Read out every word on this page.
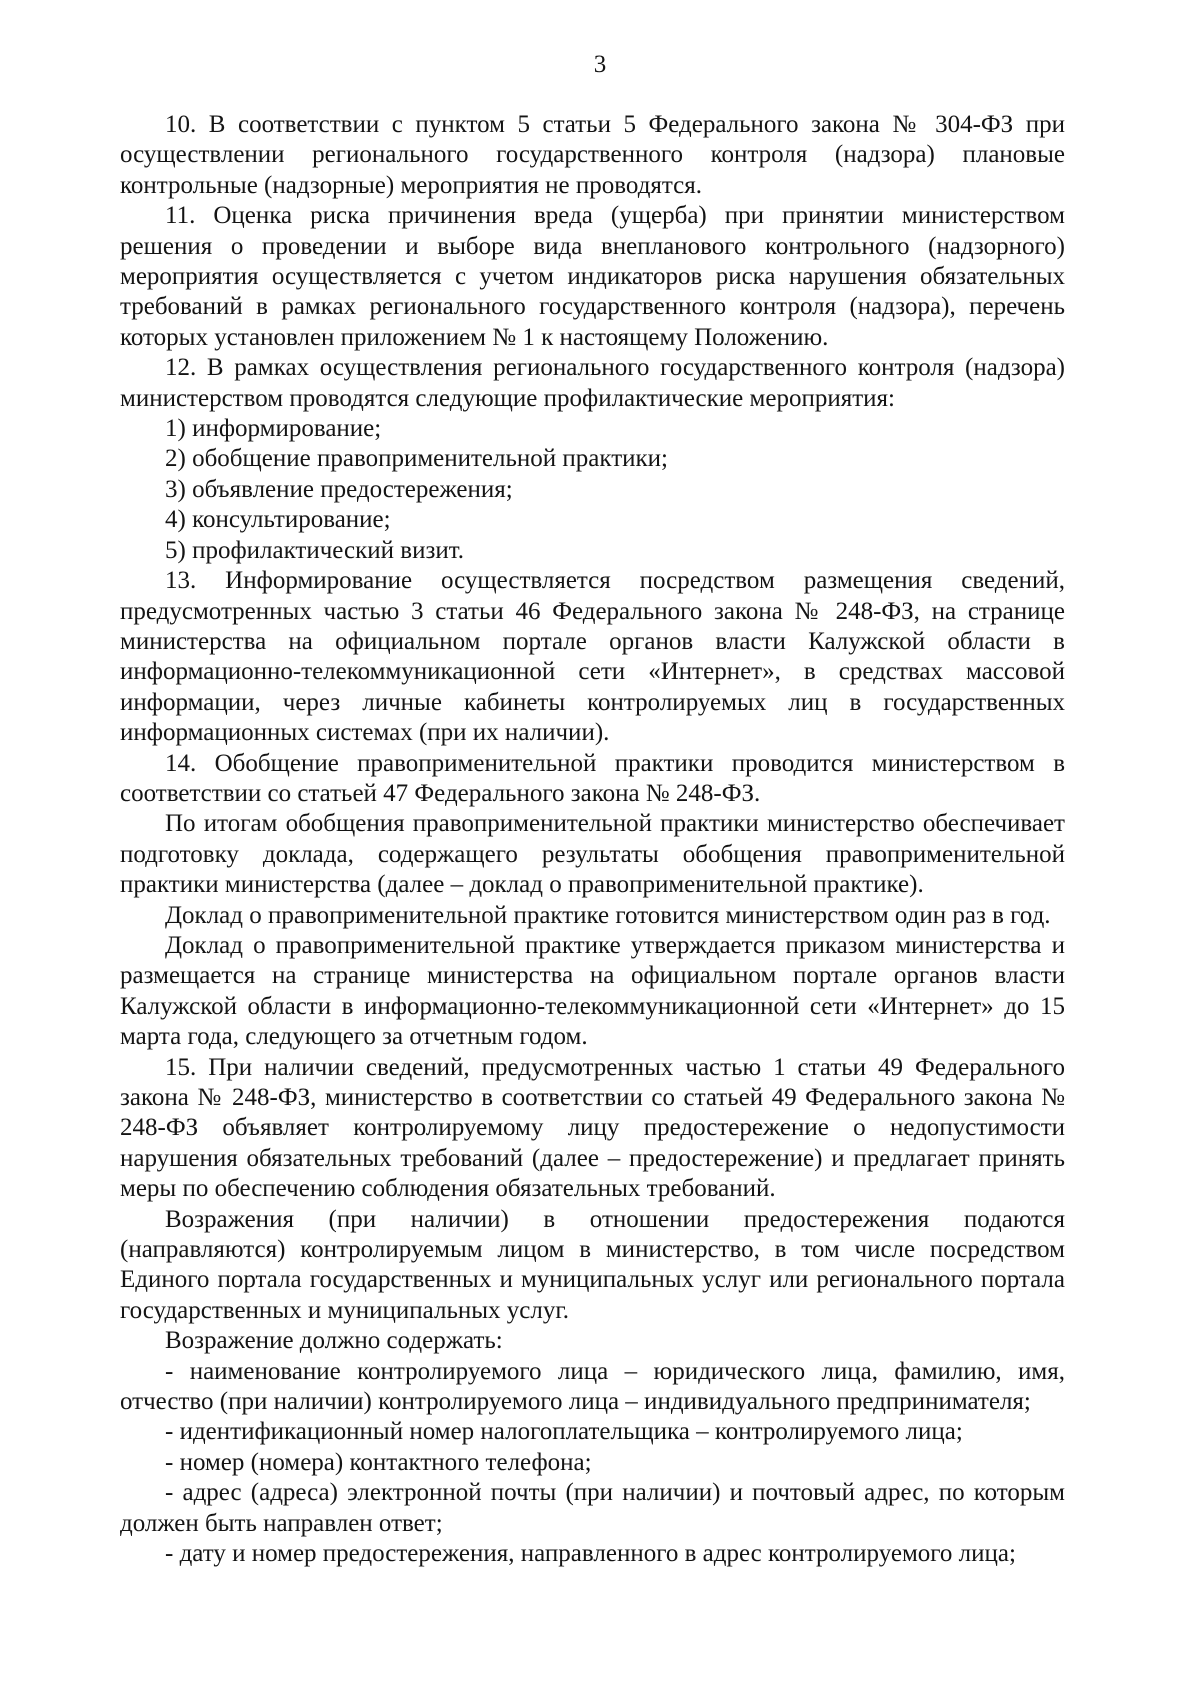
3

10. В соответствии с пунктом 5 статьи 5 Федерального закона № 304-ФЗ при осуществлении регионального государственного контроля (надзора) плановые контрольные (надзорные) мероприятия не проводятся.

11. Оценка риска причинения вреда (ущерба) при принятии министерством решения о проведении и выборе вида внепланового контрольного (надзорного) мероприятия осуществляется с учетом индикаторов риска нарушения обязательных требований в рамках регионального государственного контроля (надзора), перечень которых установлен приложением № 1 к настоящему Положению.

12. В рамках осуществления регионального государственного контроля (надзора) министерством проводятся следующие профилактические мероприятия:

1) информирование;

2) обобщение правоприменительной практики;

3) объявление предостережения;

4) консультирование;

5) профилактический визит.

13. Информирование осуществляется посредством размещения сведений, предусмотренных частью 3 статьи 46 Федерального закона № 248-ФЗ, на странице министерства на официальном портале органов власти Калужской области в информационно-телекоммуникационной сети «Интернет», в средствах массовой информации, через личные кабинеты контролируемых лиц в государственных информационных системах (при их наличии).

14. Обобщение правоприменительной практики проводится министерством в соответствии со статьей 47 Федерального закона № 248-ФЗ.

По итогам обобщения правоприменительной практики министерство обеспечивает подготовку доклада, содержащего результаты обобщения правоприменительной практики министерства (далее – доклад о правоприменительной практике).

Доклад о правоприменительной практике готовится министерством один раз в год.

Доклад о правоприменительной практике утверждается приказом министерства и размещается на странице министерства на официальном портале органов власти Калужской области в информационно-телекоммуникационной сети «Интернет» до 15 марта года, следующего за отчетным годом.

15. При наличии сведений, предусмотренных частью 1 статьи 49 Федерального закона № 248-ФЗ, министерство в соответствии со статьей 49 Федерального закона № 248-ФЗ объявляет контролируемому лицу предостережение о недопустимости нарушения обязательных требований (далее – предостережение) и предлагает принять меры по обеспечению соблюдения обязательных требований.

Возражения (при наличии) в отношении предостережения подаются (направляются) контролируемым лицом в министерство, в том числе посредством Единого портала государственных и муниципальных услуг или регионального портала государственных и муниципальных услуг.

Возражение должно содержать:

- наименование контролируемого лица – юридического лица, фамилию, имя, отчество (при наличии) контролируемого лица – индивидуального предпринимателя;

- идентификационный номер налогоплательщика – контролируемого лица;

- номер (номера) контактного телефона;

- адрес (адреса) электронной почты (при наличии) и почтовый адрес, по которым должен быть направлен ответ;

- дату и номер предостережения, направленного в адрес контролируемого лица;
